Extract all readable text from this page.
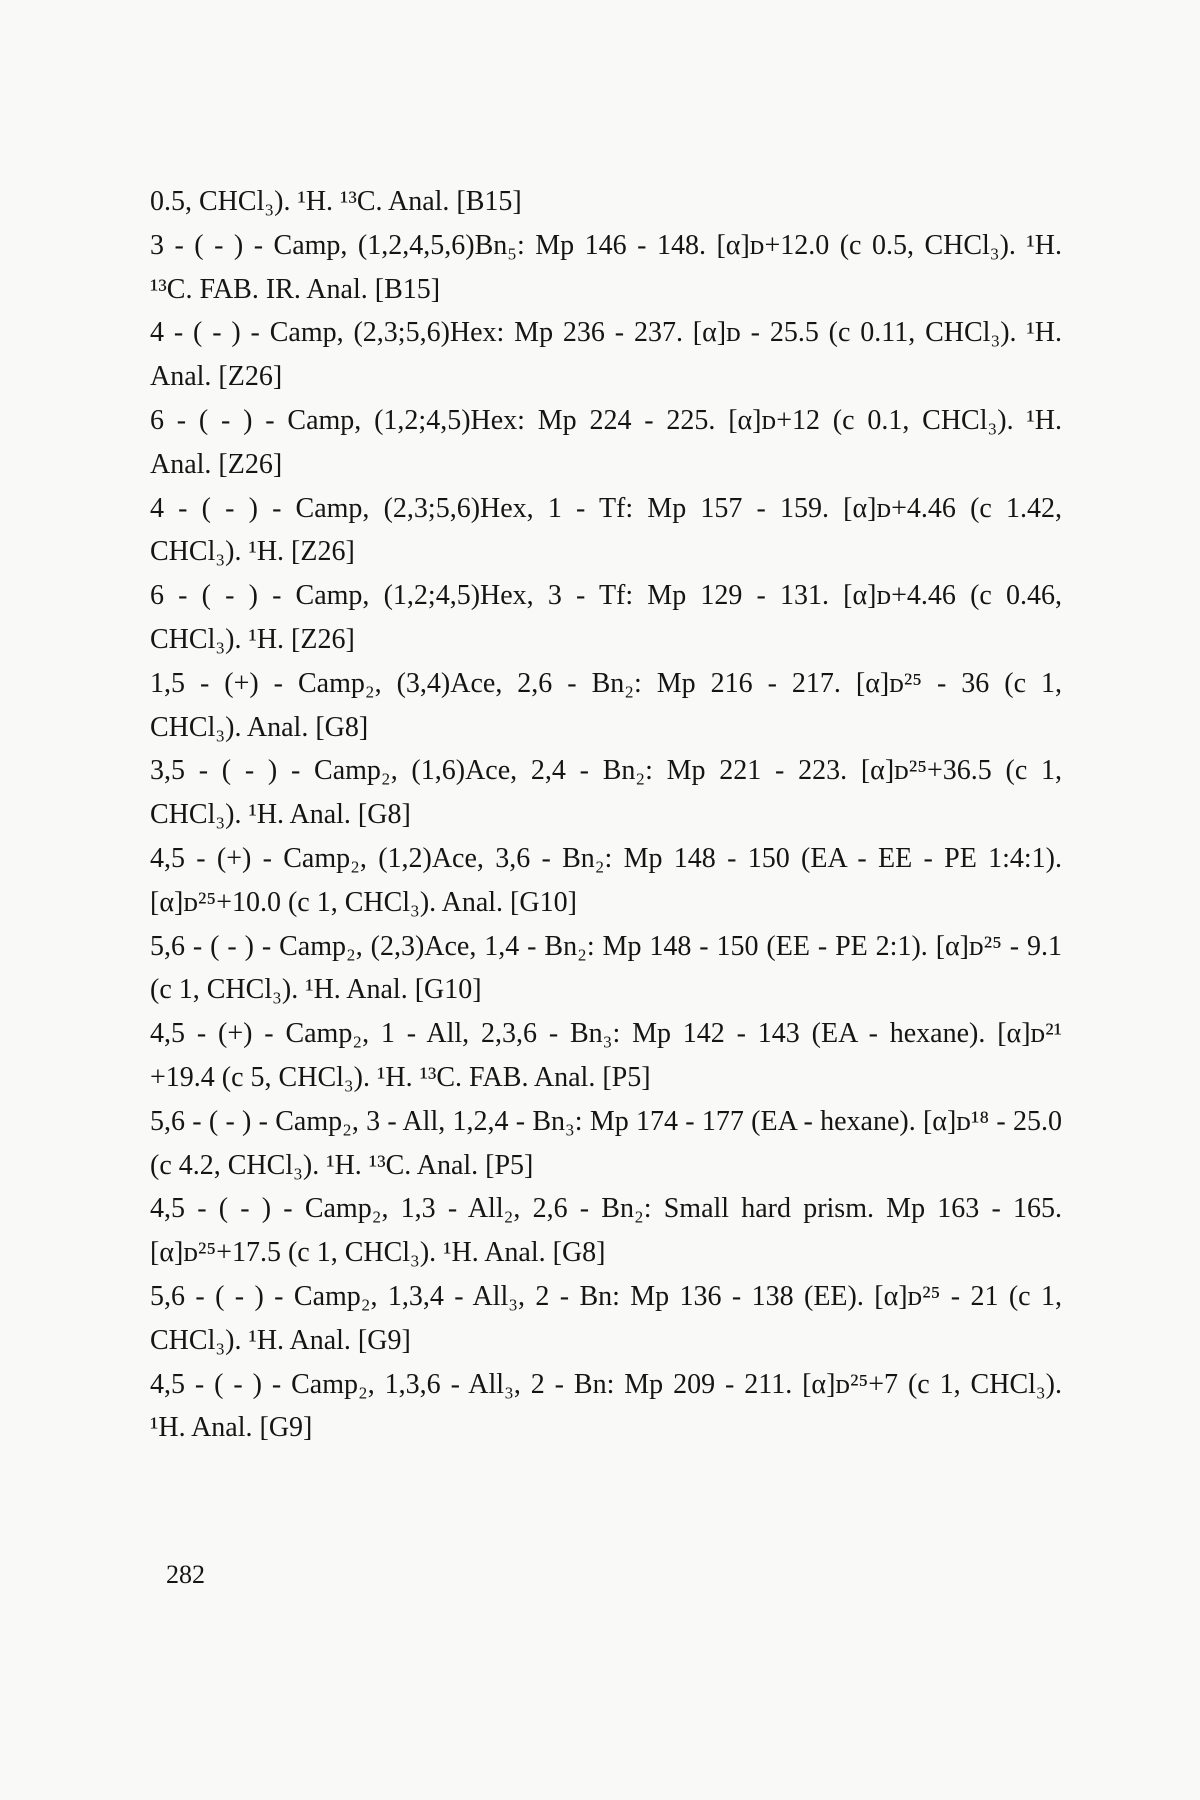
0.5, CHCl₃). ¹H. ¹³C. Anal. [B15]
3 - ( - ) - Camp, (1,2,4,5,6)Bn₅: Mp 146 - 148. [α]ᴅ+12.0 (c 0.5, CHCl₃). ¹H.
¹³C. FAB. IR. Anal. [B15]
4 - ( - ) - Camp, (2,3;5,6)Hex: Mp 236 - 237. [α]ᴅ - 25.5 (c 0.11, CHCl₃). ¹H.
Anal. [Z26]
6 - ( - ) - Camp, (1,2;4,5)Hex: Mp 224 - 225. [α]ᴅ+12 (c 0.1, CHCl₃). ¹H.
Anal. [Z26]
4 - ( - ) - Camp, (2,3;5,6)Hex, 1 - Tf: Mp 157 - 159. [α]ᴅ+4.46 (c 1.42,
CHCl₃). ¹H. [Z26]
6 - ( - ) - Camp, (1,2;4,5)Hex, 3 - Tf: Mp 129 - 131. [α]ᴅ+4.46 (c 0.46,
CHCl₃). ¹H. [Z26]
1,5 - (+) - Camp₂, (3,4)Ace, 2,6 - Bn₂: Mp 216 - 217. [α]ᴅ²⁵ - 36 (c 1,
CHCl₃). Anal. [G8]
3,5 - ( - ) - Camp₂, (1,6)Ace, 2,4 - Bn₂: Mp 221 - 223. [α]ᴅ²⁵+36.5 (c 1,
CHCl₃). ¹H. Anal. [G8]
4,5 - (+) - Camp₂, (1,2)Ace, 3,6 - Bn₂: Mp 148 - 150 (EA - EE - PE 1:4:1).
[α]ᴅ²⁵+10.0 (c 1, CHCl₃). Anal. [G10]
5,6 - ( - ) - Camp₂, (2,3)Ace, 1,4 - Bn₂: Mp 148 - 150 (EE - PE 2:1). [α]ᴅ²⁵ - 9.1
(c 1, CHCl₃). ¹H. Anal. [G10]
4,5 - (+) - Camp₂, 1 - All, 2,3,6 - Bn₃: Mp 142 - 143 (EA - hexane). [α]ᴅ²¹
+19.4 (c 5, CHCl₃). ¹H. ¹³C. FAB. Anal. [P5]
5,6 - ( - ) - Camp₂, 3 - All, 1,2,4 - Bn₃: Mp 174 - 177 (EA - hexane). [α]ᴅ¹⁸ - 25.0
(c 4.2, CHCl₃). ¹H. ¹³C. Anal. [P5]
4,5 - ( - ) - Camp₂, 1,3 - All₂, 2,6 - Bn₂: Small hard prism. Mp 163 - 165.
[α]ᴅ²⁵+17.5 (c 1, CHCl₃). ¹H. Anal. [G8]
5,6 - ( - ) - Camp₂, 1,3,4 - All₃, 2 - Bn: Mp 136 - 138 (EE). [α]ᴅ²⁵ - 21 (c 1,
CHCl₃). ¹H. Anal. [G9]
4,5 - ( - ) - Camp₂, 1,3,6 - All₃, 2 - Bn: Mp 209 - 211. [α]ᴅ²⁵+7 (c 1, CHCl₃).
¹H. Anal. [G9]
282
